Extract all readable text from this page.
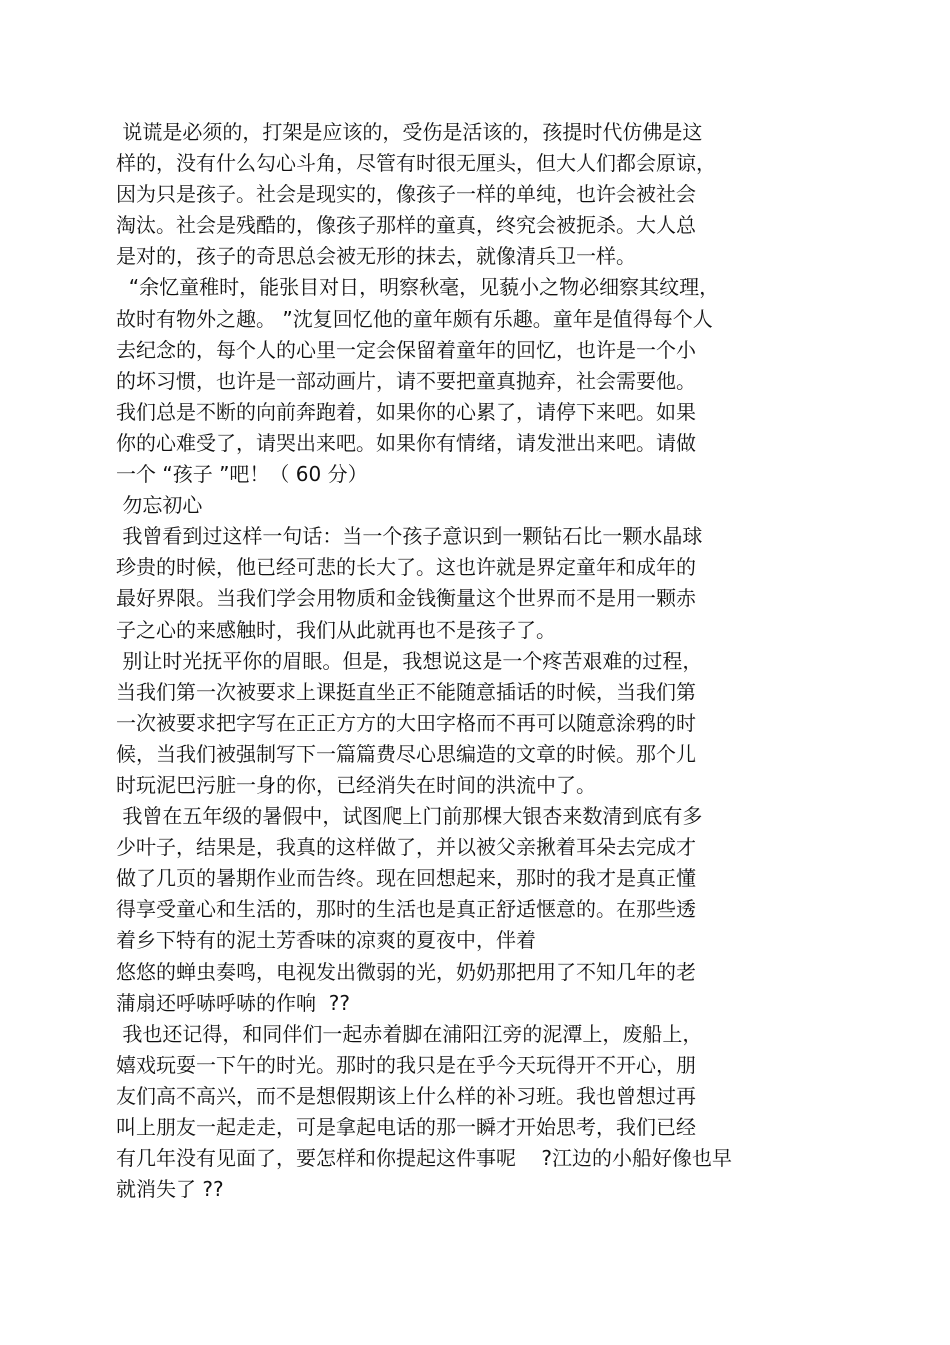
说谎是必须的，打架是应该的，受伤是活该的，孩提时代仿佛是这
样的，没有什么勾心斗角，尽管有时很无厘头，但大人们都会原谅，
因为只是孩子。社会是现实的，像孩子一样的单纯，也许会被社会
淘汰。社会是残酷的，像孩子那样的童真，终究会被扼杀。大人总
是对的，孩子的奇思总会被无形的抹去，就像清兵卫一样。
“余忆童稚时，能张目对日，明察秋毫，见藐小之物必细察其纹理，
故时有物外之趣。 ”沈复回忆他的童年颇有乐趣。童年是值得每个人
去纪念的，每个人的心里一定会保留着童年的回忆，也许是一个小
的坏习惯，也许是一部动画片，请不要把童真抛弃，社会需要他。
我们总是不断的向前奔跑着，如果你的心累了，请停下来吧。如果
你的心难受了，请哭出来吧。如果你有情绪，请发泄出来吧。请做
一个 “孩子 ”吧！（ 60 分）
勿忘初心
我曾看到过这样一句话：当一个孩子意识到一颗钻石比一颗水晶球
珍贵的时候，他已经可悲的长大了。这也许就是界定童年和成年的
最好界限。当我们学会用物质和金钱衡量这个世界而不是用一颗赤
子之心的来感触时，我们从此就再也不是孩子了。
别让时光抚平你的眉眼。但是，我想说这是一个疼苦艰难的过程，
当我们第一次被要求上课挺直坐正不能随意插话的时候，当我们第
一次被要求把字写在正正方方的大田字格而不再可以随意涂鸦的时
候，当我们被强制写下一篇篇费尽心思编造的文章的时候。那个儿
时玩泥巴污脏一身的你，已经消失在时间的洪流中了。
我曾在五年级的暑假中，试图爬上门前那棵大银杏来数清到底有多
少叶子，结果是，我真的这样做了，并以被父亲揪着耳朵去完成才
做了几页的暑期作业而告终。现在回想起来，那时的我才是真正懂
得享受童心和生活的，那时的生活也是真正舒适惬意的。在那些透
着乡下特有的泥土芳香味的凉爽的夏夜中，伴着
悠悠的蝉虫奏鸣，电视发出微弱的光，奶奶那把用了不知几年的老
蒲扇还呼哧呼哧的作响  ??
我也还记得，和同伴们一起赤着脚在浦阳江旁的泥潭上，废船上，
嬉戏玩耍一下午的时光。那时的我只是在乎今天玩得开不开心，朋
友们高不高兴，而不是想假期该上什么样的补习班。我也曾想过再
叫上朋友一起走走，可是拿起电话的那一瞬才开始思考，我们已经
有几年没有见面了，要怎样和你提起这件事呢    ?江边的小船好像也早
就消失了 ??
